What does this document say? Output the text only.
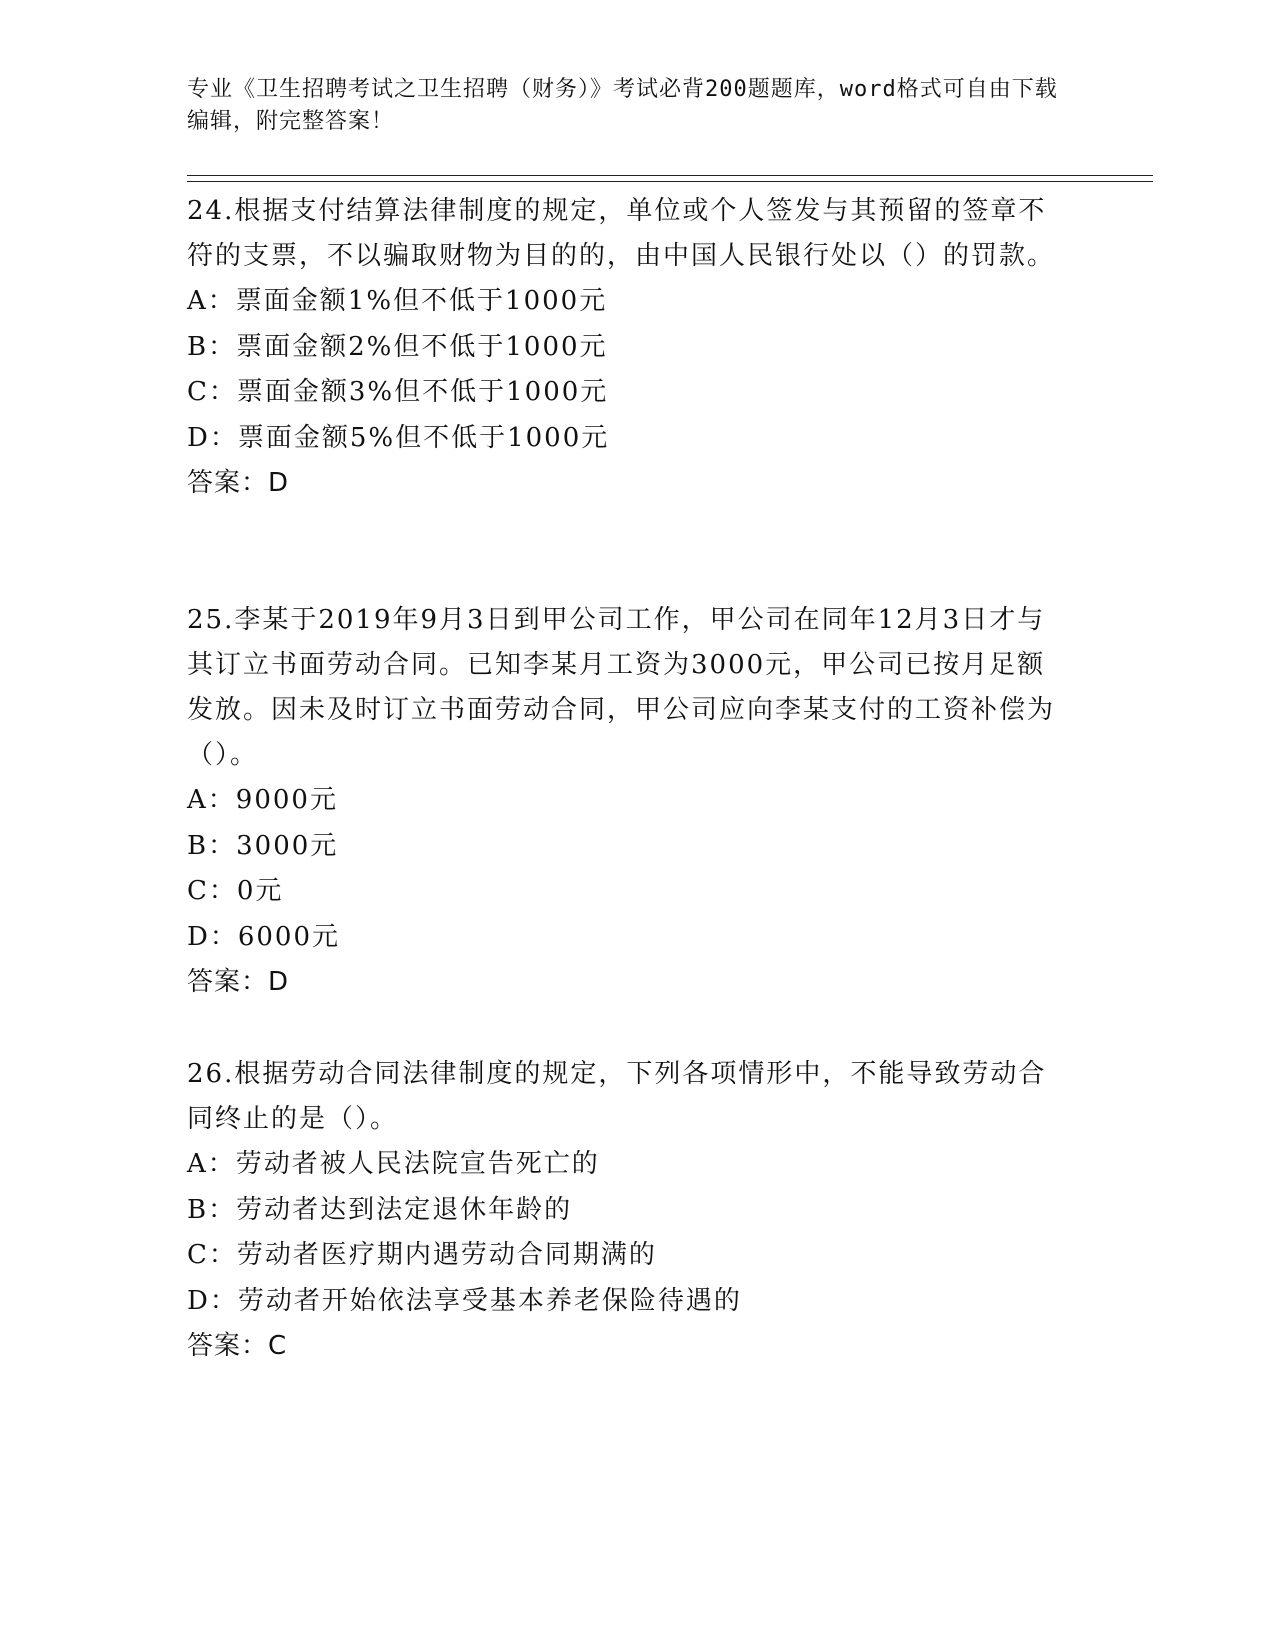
专业《卫生招聘考试之卫生招聘（财务）》考试必背200题题库，word格式可自由下载编辑，附完整答案！

24.根据支付结算法律制度的规定，单位或个人签发与其预留的签章不符的支票，不以骗取财物为目的的，由中国人民银行处以（）的罚款。

A：票面金额1%但不低于1000元

B：票面金额2%但不低于1000元

C：票面金额3%但不低于1000元

D：票面金额5%但不低于1000元

答案：D

25.李某于2019年9月3日到甲公司工作，甲公司在同年12月3日才与其订立书面劳动合同。已知李某月工资为3000元，甲公司已按月足额发放。因未及时订立书面劳动合同，甲公司应向李某支付的工资补偿为（）。

A：9000元

B：3000元

C：0元

D：6000元

答案：D

26.根据劳动合同法律制度的规定，下列各项情形中，不能导致劳动合同终止的是（）。

A：劳动者被人民法院宣告死亡的

B：劳动者达到法定退休年龄的

C：劳动者医疗期内遇劳动合同期满的

D：劳动者开始依法享受基本养老保险待遇的

答案：C
